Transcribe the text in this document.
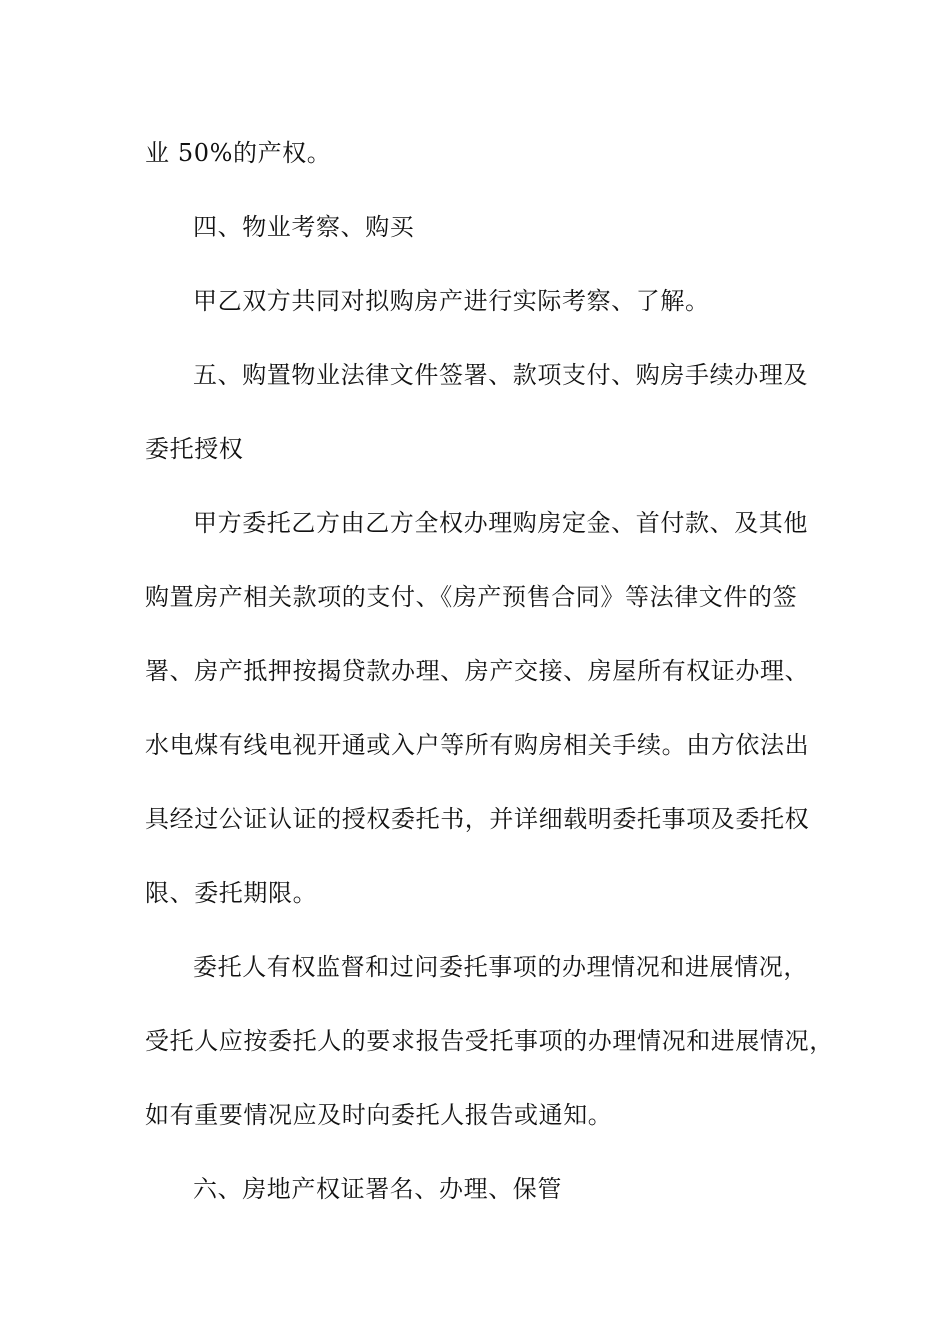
业 50%的产权。
四、物业考察、购买
甲乙双方共同对拟购房产进行实际考察、了解。
五、购置物业法律文件签署、款项支付、购房手续办理及
委托授权
甲方委托乙方由乙方全权办理购房定金、首付款、及其他
购置房产相关款项的支付、《房产预售合同》等法律文件的签
署、房产抵押按揭贷款办理、房产交接、房屋所有权证办理、
水电煤有线电视开通或入户等所有购房相关手续。由方依法出
具经过公证认证的授权委托书，并详细载明委托事项及委托权
限、委托期限。
委托人有权监督和过问委托事项的办理情况和进展情况，
受托人应按委托人的要求报告受托事项的办理情况和进展情况，
如有重要情况应及时向委托人报告或通知。
六、房地产权证署名、办理、保管
